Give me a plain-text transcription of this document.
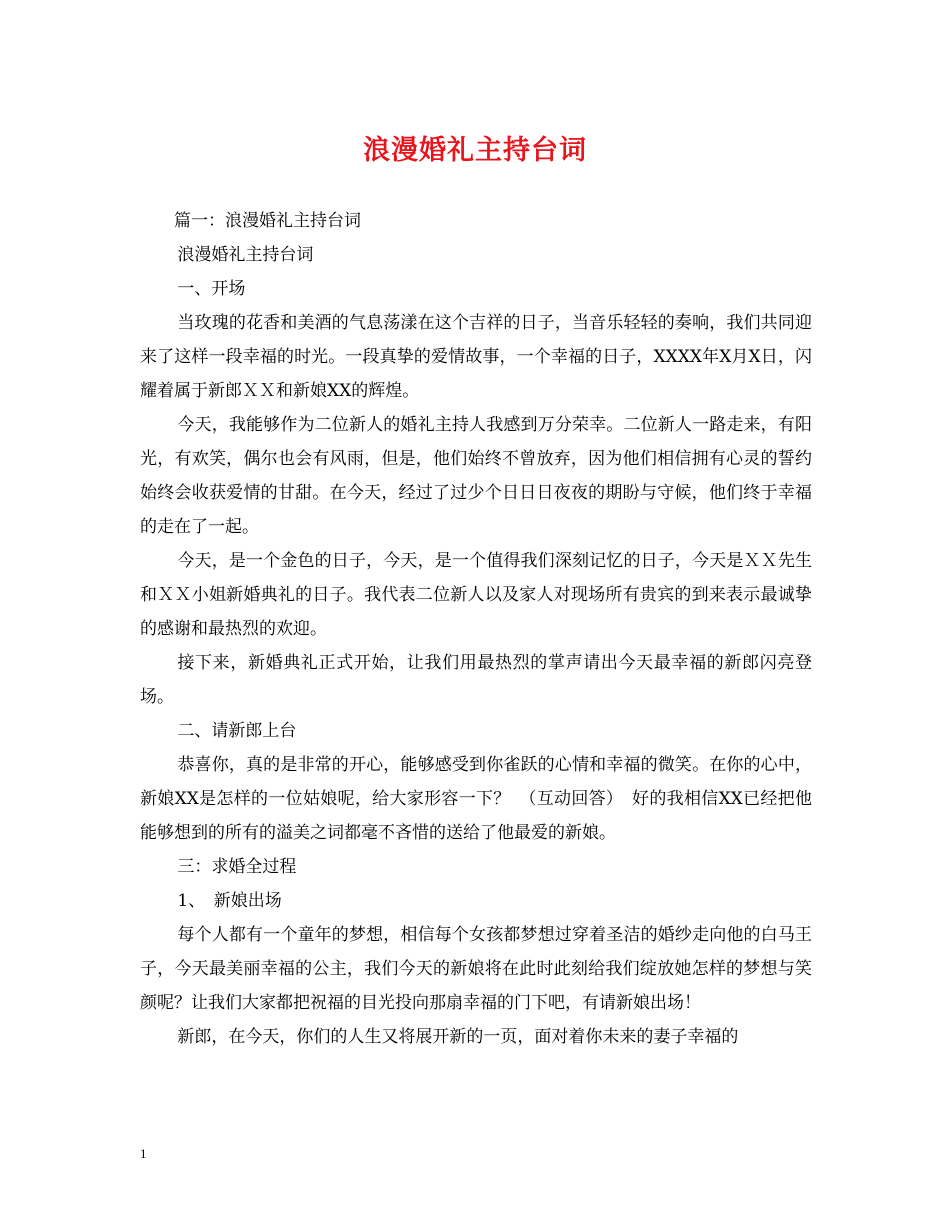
浪漫婚礼主持台词

篇一：浪漫婚礼主持台词

浪漫婚礼主持台词

一、开场

当玫瑰的花香和美酒的气息荡漾在这个吉祥的日子，当音乐轻轻的奏响，我们共同迎来了这样一段幸福的时光。一段真挚的爱情故事，一个幸福的日子，XXXX年X月X日，闪耀着属于新郎ＸＸ和新娘XX的辉煌。

今天，我能够作为二位新人的婚礼主持人我感到万分荣幸。二位新人一路走来，有阳光，有欢笑，偶尔也会有风雨，但是，他们始终不曾放弃，因为他们相信拥有心灵的誓约始终会收获爱情的甘甜。在今天，经过了过少个日日日夜夜的期盼与守候，他们终于幸福的走在了一起。

今天，是一个金色的日子，今天，是一个值得我们深刻记忆的日子，今天是ＸＸ先生和ＸＸ小姐新婚典礼的日子。我代表二位新人以及家人对现场所有贵宾的到来表示最诚挚的感谢和最热烈的欢迎。

接下来，新婚典礼正式开始，让我们用最热烈的掌声请出今天最幸福的新郎闪亮登场。

二、请新郎上台

恭喜你，真的是非常的开心，能够感受到你雀跃的心情和幸福的微笑。在你的心中，新娘XX是怎样的一位姑娘呢，给大家形容一下？　（互动回答）　好的我相信XX已经把他能够想到的所有的溢美之词都毫不吝惜的送给了他最爱的新娘。

三：求婚全过程

1、　新娘出场

每个人都有一个童年的梦想，相信每个女孩都梦想过穿着圣洁的婚纱走向他的白马王子，今天最美丽幸福的公主，我们今天的新娘将在此时此刻给我们绽放她怎样的梦想与笑颜呢？让我们大家都把祝福的目光投向那扇幸福的门下吧，有请新娘出场！

新郎，在今天，你们的人生又将展开新的一页，面对着你未来的妻子幸福的

1
